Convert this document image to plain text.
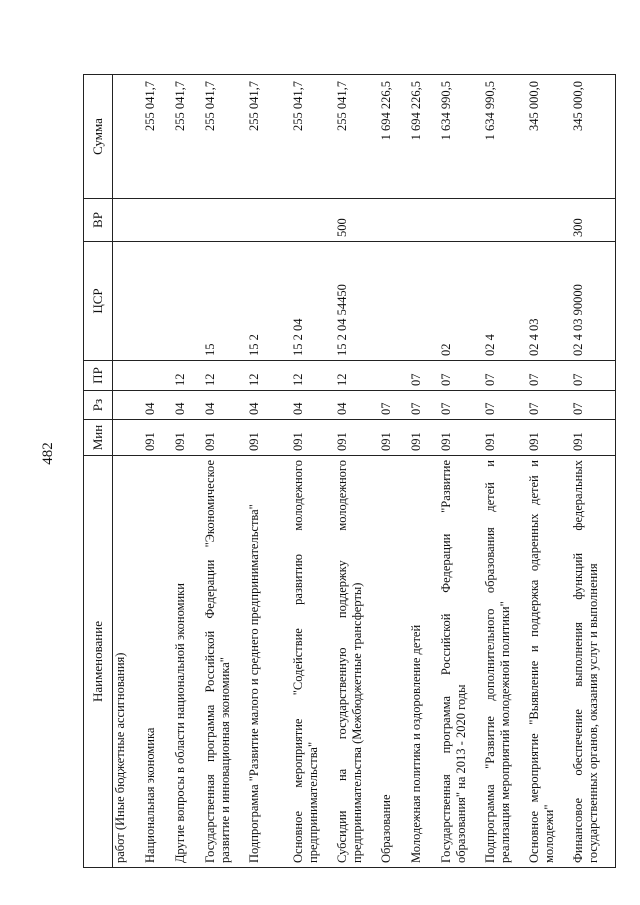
482
Наименование	Мин	Рз	ПР	ЦСР	ВР	Сумма
работ (Иные бюджетные ассигнования)						
Национальная экономика	091	04				255 041,7
Другие вопросы в области национальной экономики	091	04	12			255 041,7
Государственная программа Российской Федерации "Экономическое развитие и инновационная экономика"	091	04	12	15		255 041,7
Подпрограмма "Развитие малого и среднего предпринимательства"	091	04	12	15 2		255 041,7
Основное мероприятие "Содействие развитию молодежного предпринимательства"	091	04	12	15 2 04		255 041,7
Субсидии на государственную поддержку молодежного предпринимательства (Межбюджетные трансферты)	091	04	12	15 2 04 54450	500	255 041,7
Образование	091	07				1 694 226,5
Молодежная политика и оздоровление детей	091	07	07			1 694 226,5
Государственная программа Российской Федерации "Развитие образования" на 2013 - 2020 годы	091	07	07	02		1 634 990,5
Подпрограмма "Развитие дополнительного образования детей и реализация мероприятий молодежной политики"	091	07	07	02 4		1 634 990,5
Основное мероприятие "Выявление и поддержка одаренных детей и молодежи"	091	07	07	02 4 03		345 000,0
Финансовое обеспечение выполнения функций федеральных государственных органов, оказания услуг и выполнения	091	07	07	02 4 03 90000	300	345 000,0
